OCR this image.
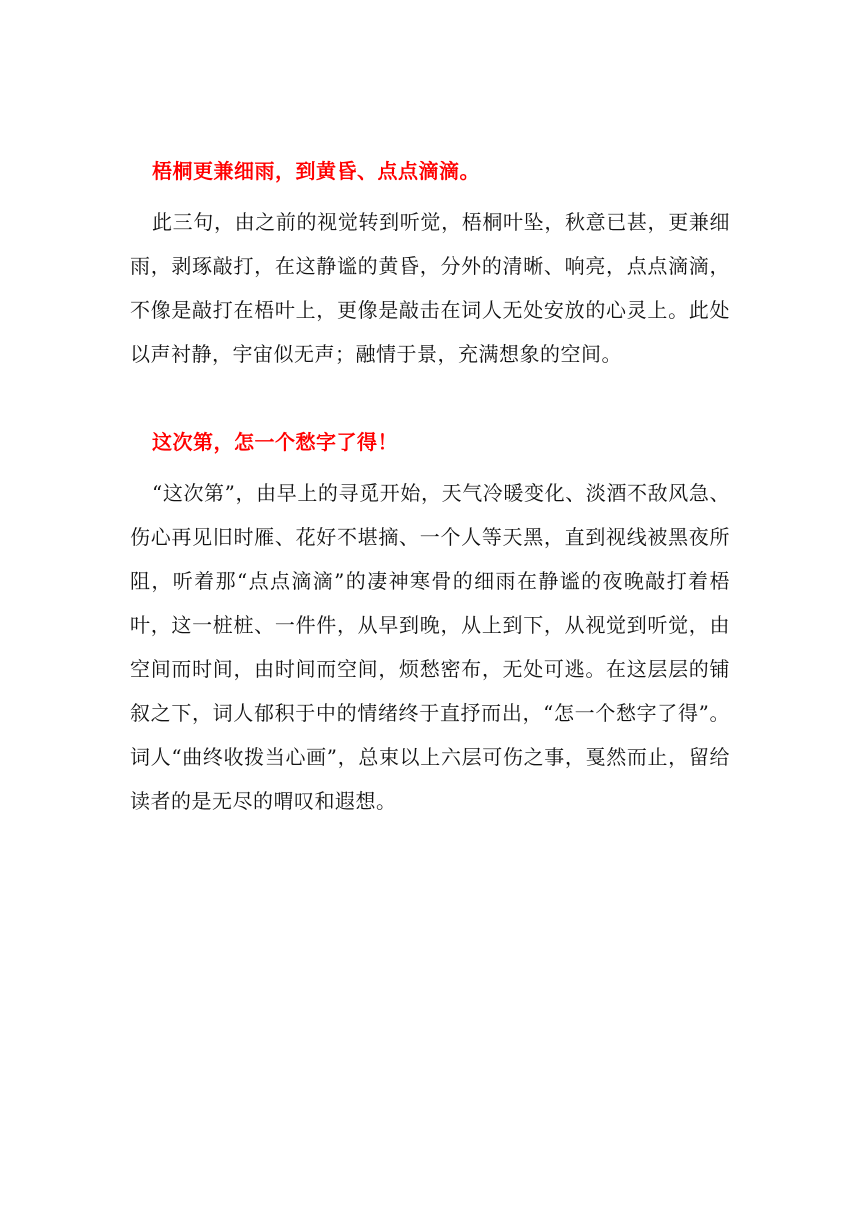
梧桐更兼细雨，到黄昏、点点滴滴。

此三句，由之前的视觉转到听觉，梧桐叶坠，秋意已甚，更兼细雨，剥琢敲打，在这静谧的黄昏，分外的清晰、响亮，点点滴滴，不像是敲打在梧叶上，更像是敲击在词人无处安放的心灵上。此处以声衬静，宇宙似无声；融情于景，充满想象的空间。

这次第，怎一个愁字了得！

“这次第”，由早上的寻觅开始，天气冷暖变化、淡酒不敌风急、伤心再见旧时雁、花好不堪摘、一个人等天黑，直到视线被黑夜所阻，听着那“点点滴滴”的凄神寒骨的细雨在静谧的夜晚敲打着梧叶，这一桩桩、一件件，从早到晚，从上到下，从视觉到听觉，由空间而时间，由时间而空间，烦愁密布，无处可逃。在这层层的铺叙之下，词人郁积于中的情绪终于直抒而出，“怎一个愁字了得”。词人“曲终收拨当心画”，总束以上六层可伤之事，戛然而止，留给读者的是无尽的喟叹和遐想。
